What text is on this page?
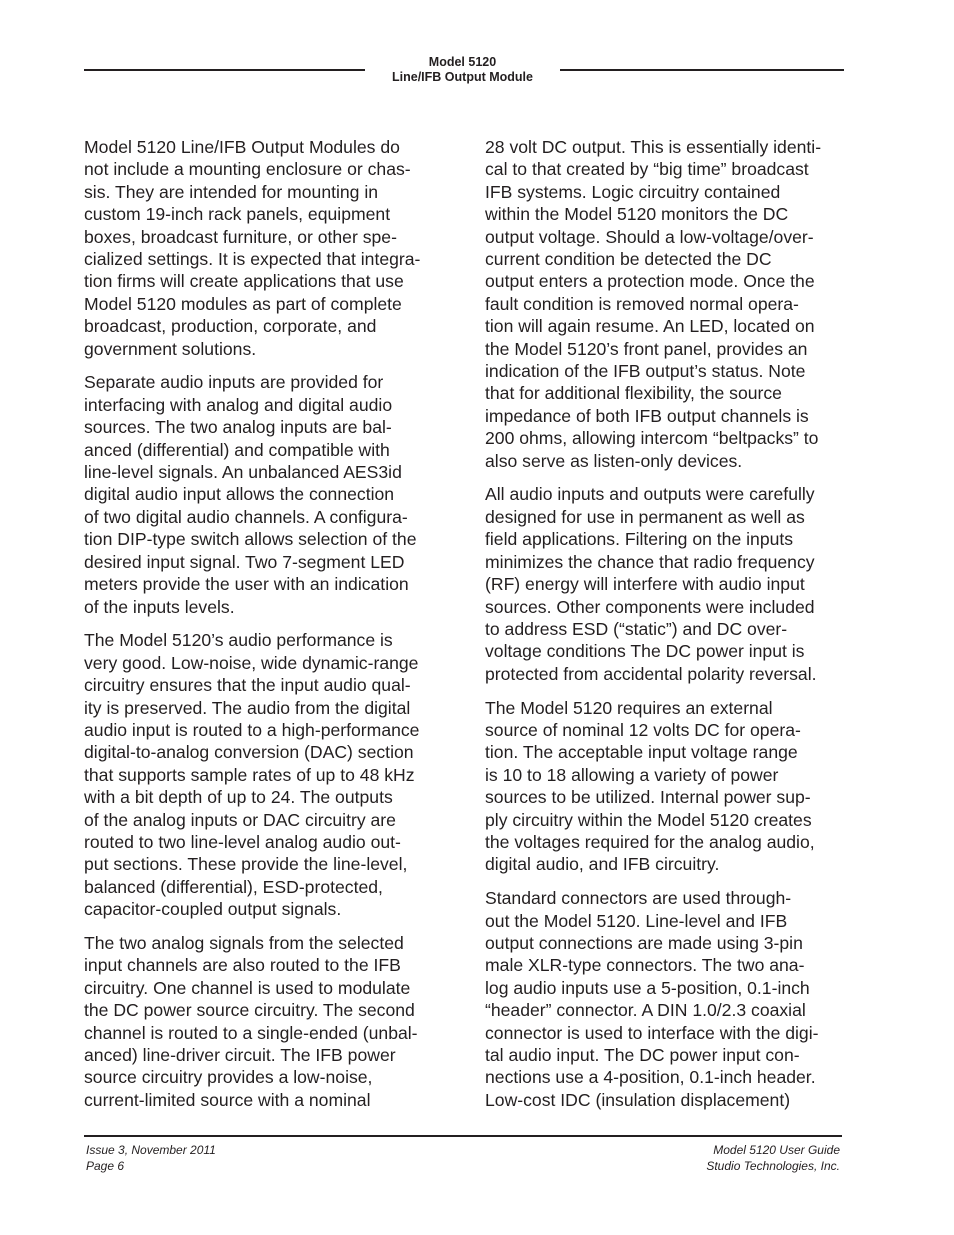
Model 5120
Line/IFB Output Module

Model 5120 Line/IFB Output Modules do
not include a mounting enclosure or chas-
sis. They are intended for mounting in
custom 19-inch rack panels, equipment
boxes, broadcast furniture, or other spe-
cialized settings. It is expected that integra-
tion firms will create applications that use
Model 5120 modules as part of complete
broadcast, production, corporate, and
government solutions.

Separate audio inputs are provided for
interfacing with analog and digital audio
sources. The two analog inputs are bal-
anced (differential) and compatible with
line-level signals. An unbalanced AES3id
digital audio input allows the connection
of two digital audio channels. A configura-
tion DIP-type switch allows selection of the
desired input signal. Two 7-segment LED
meters provide the user with an indication
of the inputs levels.

The Model 5120’s audio performance is
very good. Low-noise, wide dynamic-range
circuitry ensures that the input audio qual-
ity is preserved. The audio from the digital
audio input is routed to a high-performance
digital-to-analog conversion (DAC) section
that supports sample rates of up to 48 kHz
with a bit depth of up to 24. The outputs
of the analog inputs or DAC circuitry are
routed to two line-level analog audio out-
put sections. These provide the line-level,
balanced (differential), ESD-protected,
capacitor-coupled output signals.

The two analog signals from the selected
input channels are also routed to the IFB
circuitry. One channel is used to modulate
the DC power source circuitry. The second
channel is routed to a single-ended (unbal-
anced) line-driver circuit. The IFB power
source circuitry provides a low-noise,
current-limited source with a nominal

28 volt DC output. This is essentially identi-
cal to that created by “big time” broadcast
IFB systems. Logic circuitry contained
within the Model 5120 monitors the DC
output voltage. Should a low-voltage/over-
current condition be detected the DC
output enters a protection mode. Once the
fault condition is removed normal opera-
tion will again resume. An LED, located on
the Model 5120’s front panel, provides an
indication of the IFB output’s status. Note
that for additional flexibility, the source
impedance of both IFB output channels is
200 ohms, allowing intercom “beltpacks” to
also serve as listen-only devices.

All audio inputs and outputs were carefully
designed for use in permanent as well as
field applications. Filtering on the inputs
minimizes the chance that radio frequency
(RF) energy will interfere with audio input
sources. Other components were included
to address ESD (“static”) and DC over-
voltage conditions The DC power input is
protected from accidental polarity reversal.

The Model 5120 requires an external
source of nominal 12 volts DC for opera-
tion. The acceptable input voltage range
is 10 to 18 allowing a variety of power
sources to be utilized. Internal power sup-
ply circuitry within the Model 5120 creates
the voltages required for the analog audio,
digital audio, and IFB circuitry.

Standard connectors are used through-
out the Model 5120. Line-level and IFB
output connections are made using 3-pin
male XLR-type connectors. The two ana-
log audio inputs use a 5-position, 0.1-inch
“header” connector. A DIN 1.0/2.3 coaxial
connector is used to interface with the digi-
tal audio input. The DC power input con-
nections use a 4-position, 0.1-inch header.
Low-cost IDC (insulation displacement)

Issue 3, November 2011
Page 6
Model 5120 User Guide
Studio Technologies, Inc.
